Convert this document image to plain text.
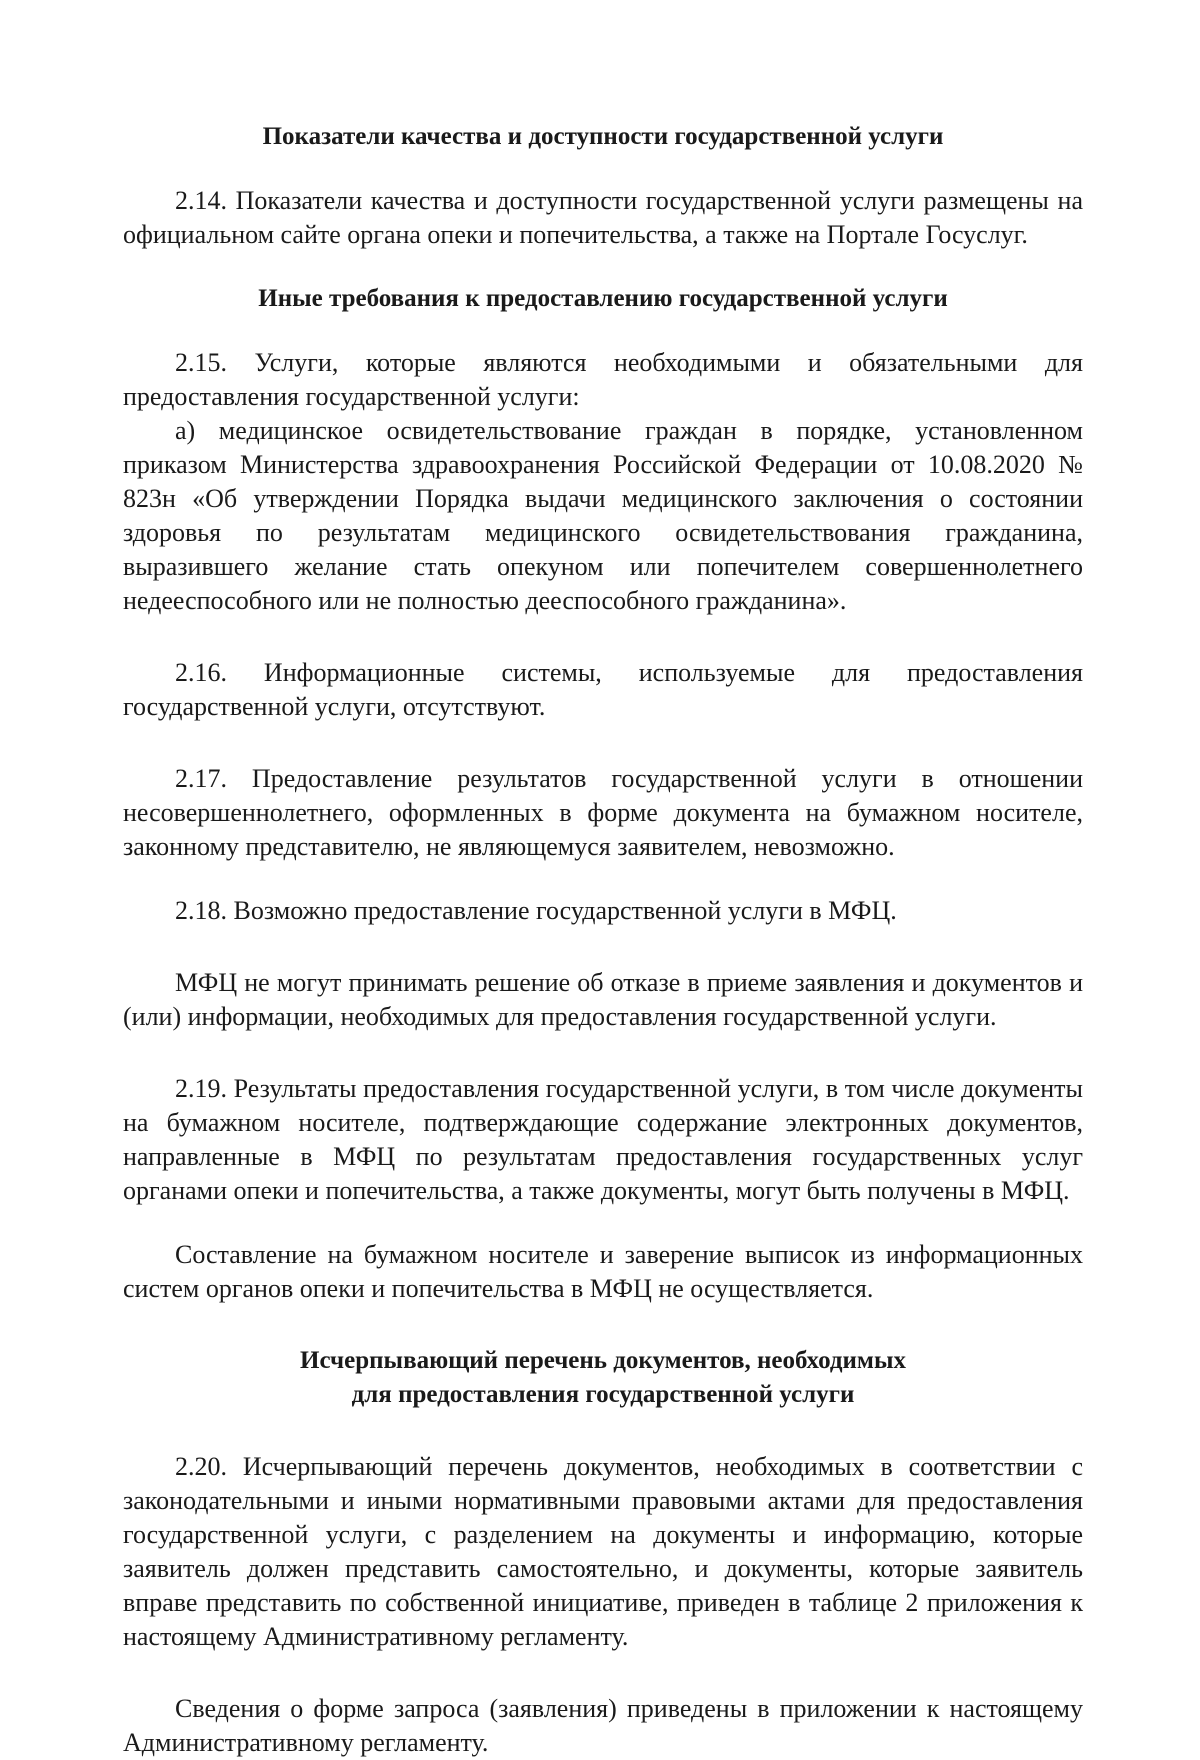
Показатели качества и доступности государственной услуги

2.14. Показатели качества и доступности государственной услуги размещены на официальном сайте органа опеки и попечительства, а также на Портале Госуслуг.

Иные требования к предоставлению государственной услуги

2.15. Услуги, которые являются необходимыми и обязательными для предоставления государственной услуги:

а) медицинское освидетельствование граждан в порядке, установленном приказом Министерства здравоохранения Российской Федерации от 10.08.2020 № 823н «Об утверждении Порядка выдачи медицинского заключения о состоянии здоровья по результатам медицинского освидетельствования гражданина, выразившего желание стать опекуном или попечителем совершеннолетнего недееспособного или не полностью дееспособного гражданина».

2.16. Информационные системы, используемые для предоставления государственной услуги, отсутствуют.

2.17. Предоставление результатов государственной услуги в отношении несовершеннолетнего, оформленных в форме документа на бумажном носителе, законному представителю, не являющемуся заявителем, невозможно.

2.18. Возможно предоставление государственной услуги в МФЦ.

МФЦ не могут принимать решение об отказе в приеме заявления и документов и (или) информации, необходимых для предоставления государственной услуги.

2.19. Результаты предоставления государственной услуги, в том числе документы на бумажном носителе, подтверждающие содержание электронных документов, направленные в МФЦ по результатам предоставления государственных услуг органами опеки и попечительства, а также документы, могут быть получены в МФЦ.

Составление на бумажном носителе и заверение выписок из информационных систем органов опеки и попечительства в МФЦ не осуществляется.

Исчерпывающий перечень документов, необходимых
для предоставления государственной услуги

2.20. Исчерпывающий перечень документов, необходимых в соответствии с законодательными и иными нормативными правовыми актами для предоставления государственной услуги, с разделением на документы и информацию, которые заявитель должен представить самостоятельно, и документы, которые заявитель вправе представить по собственной инициативе, приведен в таблице 2 приложения к настоящему Административному регламенту.

Сведения о форме запроса (заявления) приведены в приложении к настоящему Административному регламенту.
